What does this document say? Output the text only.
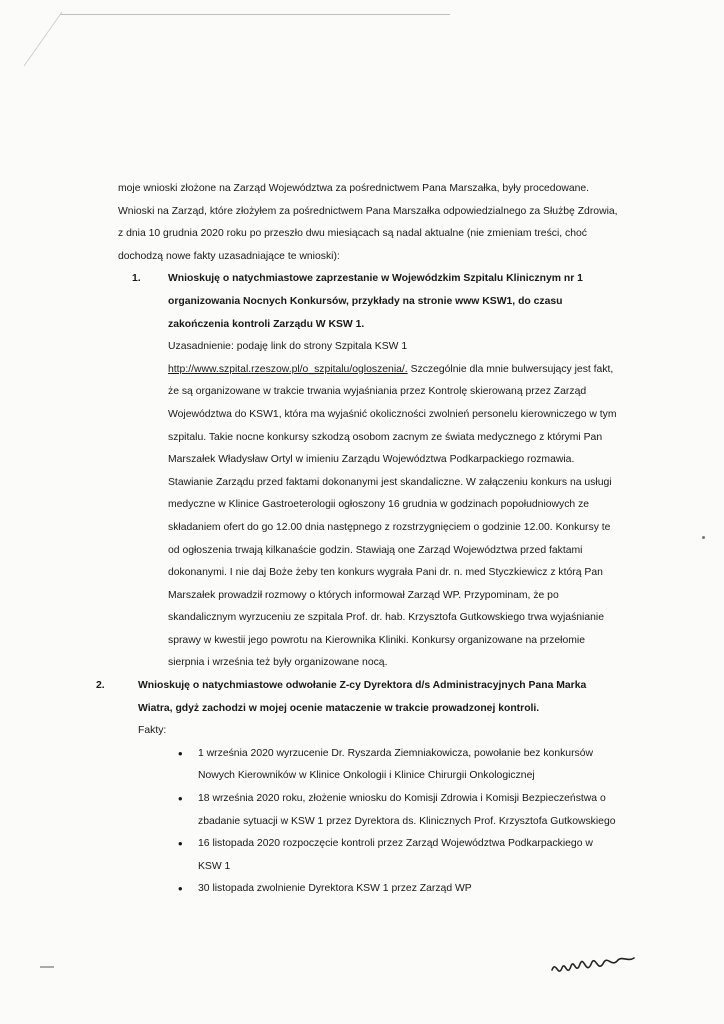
moje wnioski złożone na Zarząd Województwa za pośrednictwem Pana Marszałka, były procedowane. Wnioski na Zarząd, które złożyłem za pośrednictwem Pana Marszałka odpowiedzialnego za Służbę Zdrowia, z dnia 10 grudnia 2020 roku po przeszło dwu miesiącach są nadal aktualne (nie zmieniam treści, choć dochodzą nowe fakty uzasadniające te wnioski):

1.	Wnioskuję o natychmiastowe zaprzestanie w Wojewódzkim Szpitalu Klinicznym nr 1 organizowania Nocnych Konkursów, przykłady na stronie www KSW1, do czasu zakończenia kontroli Zarządu W KSW 1.
Uzasadnienie: podaję link do strony Szpitala KSW 1
http://www.szpital.rzeszow.pl/o_szpitalu/ogloszenia/. Szczególnie dla mnie bulwersujący jest fakt, że są organizowane w trakcie trwania wyjaśniania przez Kontrolę skierowaną przez Zarząd Województwa do KSW1, która ma wyjaśnić okoliczności zwolnień personelu kierowniczego w tym szpitalu. Takie nocne konkursy szkodzą osobom zacnym ze świata medycznego z którymi Pan Marszałek Władysław Ortyl w imieniu Zarządu Województwa Podkarpackiego rozmawia. Stawianie Zarządu przed faktami dokonanymi jest skandaliczne. W załączeniu konkurs na usługi medyczne w Klinice Gastroeterologii ogłoszony 16 grudnia w godzinach popołudniowych ze składaniem ofert do go 12.00 dnia następnego z rozstrzygnięciem o godzinie 12.00. Konkursy te od ogłoszenia trwają kilkanaście godzin. Stawiają one Zarząd Województwa przed faktami dokonanymi. I nie daj Boże żeby ten konkurs wygrała Pani dr. n. med Styczkiewicz z którą Pan Marszałek prowadził rozmowy o których informował Zarząd WP. Przypominam, że po skandalicznym wyrzuceniu ze szpitala Prof. dr. hab. Krzysztofa Gutkowskiego trwa wyjaśnianie sprawy w kwestii jego powrotu na Kierownika Kliniki. Konkursy organizowane na przełomie sierpnia i września też były organizowane nocą.
2.	Wnioskuję o natychmiastowe odwołanie Z-cy Dyrektora d/s Administracyjnych Pana Marka Wiatra, gdyż zachodzi w mojej ocenie mataczenie w trakcie prowadzonej kontroli.
Fakty:
• 1 września 2020 wyrzucenie Dr. Ryszarda Ziemniakowicza, powołanie bez konkursów Nowych Kierowników w Klinice Onkologii i Klinice Chirurgii Onkologicznej
• 18 września 2020 roku, złożenie wniosku do Komisji Zdrowia i Komisji Bezpieczeństwa o zbadanie sytuacji w KSW 1 przez Dyrektora ds. Klinicznych Prof. Krzysztofa Gutkowskiego
• 16 listopada 2020 rozpoczęcie kontroli przez Zarząd Województwa Podkarpackiego w KSW 1
• 30 listopada zwolnienie Dyrektora KSW 1 przez Zarząd WP
